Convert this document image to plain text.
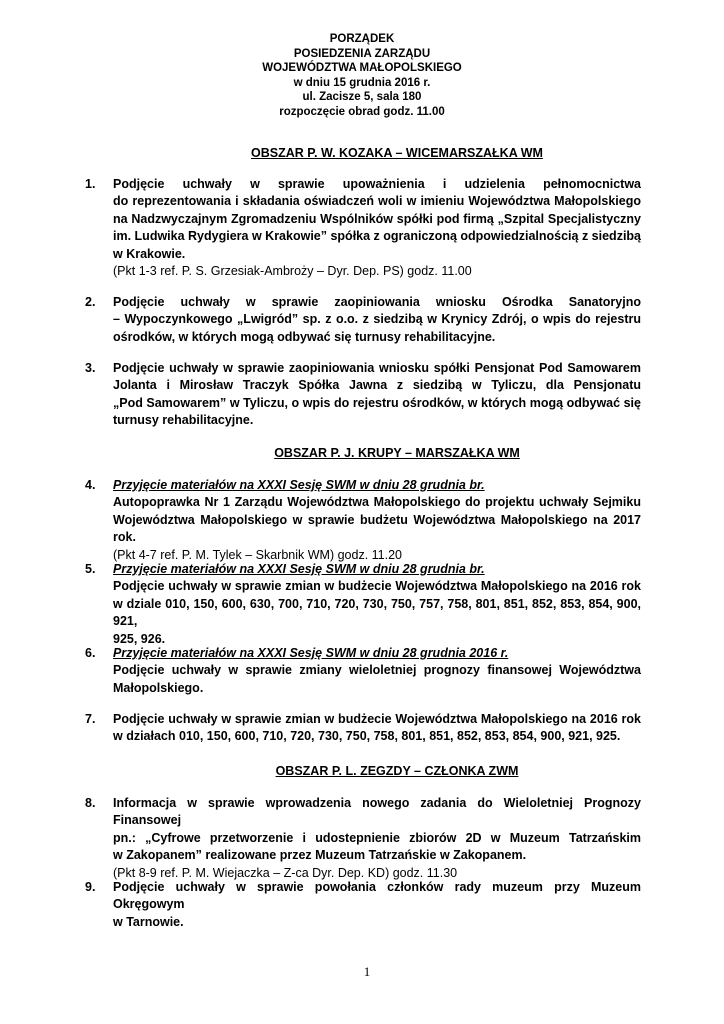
PORZĄDEK
POSIEDZENIA ZARZĄDU
WOJEWÓDZTWA MAŁOPOLSKIEGO
w dniu 15 grudnia 2016 r.
ul. Zacisze 5, sala 180
rozpoczęcie obrad godz. 11.00
OBSZAR P. W. KOZAKA – WICEMARSZAŁKA WM
1. Podjęcie uchwały w sprawie upoważnienia i udzielenia pełnomocnictwa
do reprezentowania i składania oświadczeń woli w imieniu Województwa Małopolskiego
na Nadzwyczajnym Zgromadzeniu Wspólników spółki pod firmą „Szpital Specjalistyczny
im. Ludwika Rydygiera w Krakowie” spółka z ograniczoną odpowiedzialnością z siedzibą
w Krakowie.
(Pkt 1-3 ref. P. S. Grzesiak-Ambroży – Dyr. Dep. PS) godz. 11.00
2. Podjęcie uchwały w sprawie zaopiniowania wniosku Ośrodka Sanatoryjno
– Wypoczynkowego „Lwigród” sp. z o.o. z siedzibą w Krynicy Zdrój, o wpis do rejestru
ośrodków, w których mogą odbywać się turnusy rehabilitacyjne.
3. Podjęcie uchwały w sprawie zaopiniowania wniosku spółki Pensjonat Pod Samowarem
Jolanta i Mirosław Traczyk Spółka Jawna z siedzibą w Tyliczu, dla Pensjonatu
„Pod Samowarem” w Tyliczu, o wpis do rejestru ośrodków, w których mogą odbywać się
turnusy rehabilitacyjne.
OBSZAR P. J. KRUPY – MARSZAŁKA WM
4. Przyjęcie materiałów na XXXI Sesję SWM w dniu 28 grudnia br.
Autopoprawka Nr 1 Zarządu Województwa Małopolskiego do projektu uchwały Sejmiku
Województwa Małopolskiego w sprawie budżetu Województwa Małopolskiego na 2017 rok.
(Pkt 4-7 ref. P. M. Tylek – Skarbnik WM) godz. 11.20
5. Przyjęcie materiałów na XXXI Sesję SWM w dniu 28 grudnia br.
Podjęcie uchwały w sprawie zmian w budżecie Województwa Małopolskiego na 2016 rok
w dziale 010, 150, 600, 630, 700, 710, 720, 730, 750, 757, 758, 801, 851, 852, 853, 854, 900, 921,
925, 926.
6. Przyjęcie materiałów na XXXI Sesję SWM w dniu 28 grudnia 2016 r.
Podjęcie uchwały w sprawie zmiany wieloletniej prognozy finansowej Województwa
Małopolskiego.
7. Podjęcie uchwały w sprawie zmian w budżecie Województwa Małopolskiego na 2016 rok
w działach 010, 150, 600, 710, 720, 730, 750, 758, 801, 851, 852, 853, 854, 900, 921, 925.
OBSZAR P. L. ZEGZDY – CZŁONKA ZWM
8. Informacja w sprawie wprowadzenia nowego zadania do Wieloletniej Prognozy Finansowej
pn.: „Cyfrowe przetworzenie i udostepnienie zbiorów 2D w Muzeum Tatrzańskim
w Zakopanem” realizowane przez Muzeum Tatrzańskie w Zakopanem.
(Pkt 8-9 ref. P. M. Wiejaczka – Z-ca Dyr. Dep. KD) godz. 11.30
9. Podjęcie uchwały w sprawie powołania członków rady muzeum przy Muzeum Okręgowym
w Tarnowie.
1
